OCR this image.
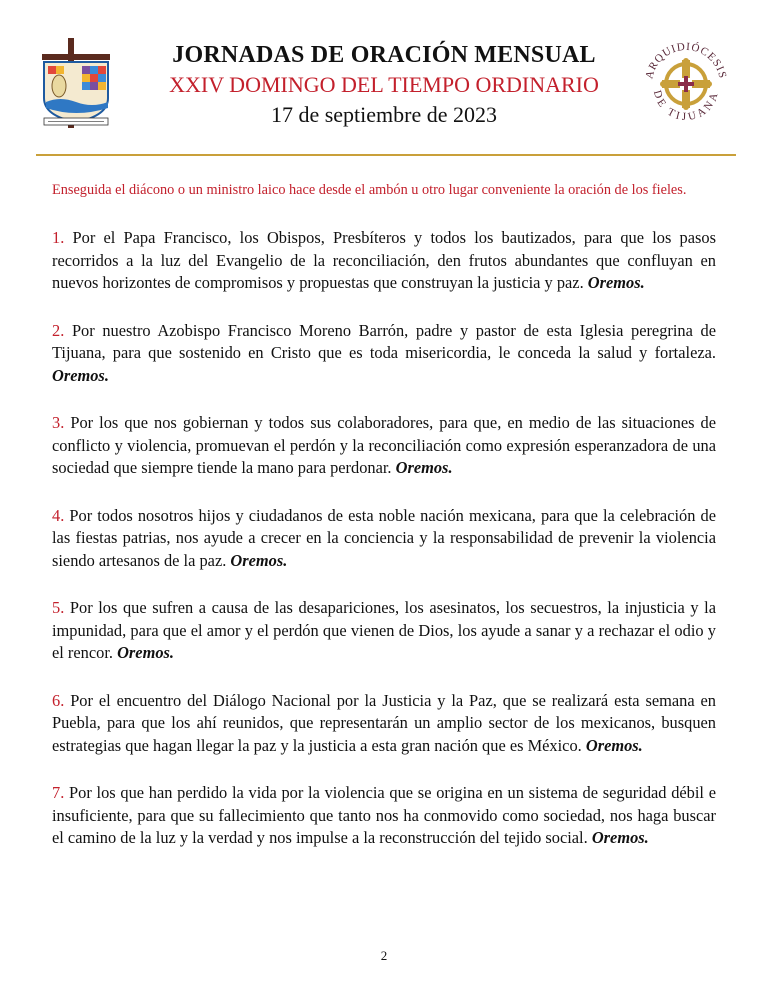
JORNADAS DE ORACIÓN MENSUAL
XXIV DOMINGO DEL TIEMPO ORDINARIO
17 de septiembre de 2023
ARQUIDIÓCESIS
DE TIJUANA
Enseguida el diácono o un ministro laico hace desde el ambón u otro lugar conveniente la oración de los fieles.

1. Por el Papa Francisco, los Obispos, Presbíteros y todos los bautizados, para que los pasos recorridos a la luz del Evangelio de la reconciliación, den frutos abundantes que confluyan en nuevos horizontes de compromisos y propuestas que construyan la justicia y paz. Oremos.

2. Por nuestro Azobispo Francisco Moreno Barrón, padre y pastor de esta Iglesia peregrina de Tijuana, para que sostenido en Cristo que es toda misericordia, le conceda la salud y fortaleza. Oremos.

3. Por los que nos gobiernan y todos sus colaboradores, para que, en medio de las situaciones de conflicto y violencia, promuevan el perdón y la reconciliación como expresión esperanzadora de una sociedad que siempre tiende la mano para perdonar. Oremos.

4. Por todos nosotros hijos y ciudadanos de esta noble nación mexicana, para que la celebración de las fiestas patrias, nos ayude a crecer en la conciencia y la responsabilidad de prevenir la violencia siendo artesanos de la paz. Oremos.

5. Por los que sufren a causa de las desapariciones, los asesinatos, los secuestros, la injusticia y la impunidad, para que el amor y el perdón que vienen de Dios, los ayude a sanar y a rechazar el odio y el rencor. Oremos.

6. Por el encuentro del Diálogo Nacional por la Justicia y la Paz, que se realizará esta semana en Puebla, para que los ahí reunidos, que representarán un amplio sector de los mexicanos, busquen estrategias que hagan llegar la paz y la justicia a esta gran nación que es México. Oremos.

7. Por los que han perdido la vida por la violencia que se origina en un sistema de seguridad débil e insuficiente, para que su fallecimiento que tanto nos ha conmovido como sociedad, nos haga buscar el camino de la luz y la verdad y nos impulse a la reconstrucción del tejido social. Oremos.

2
